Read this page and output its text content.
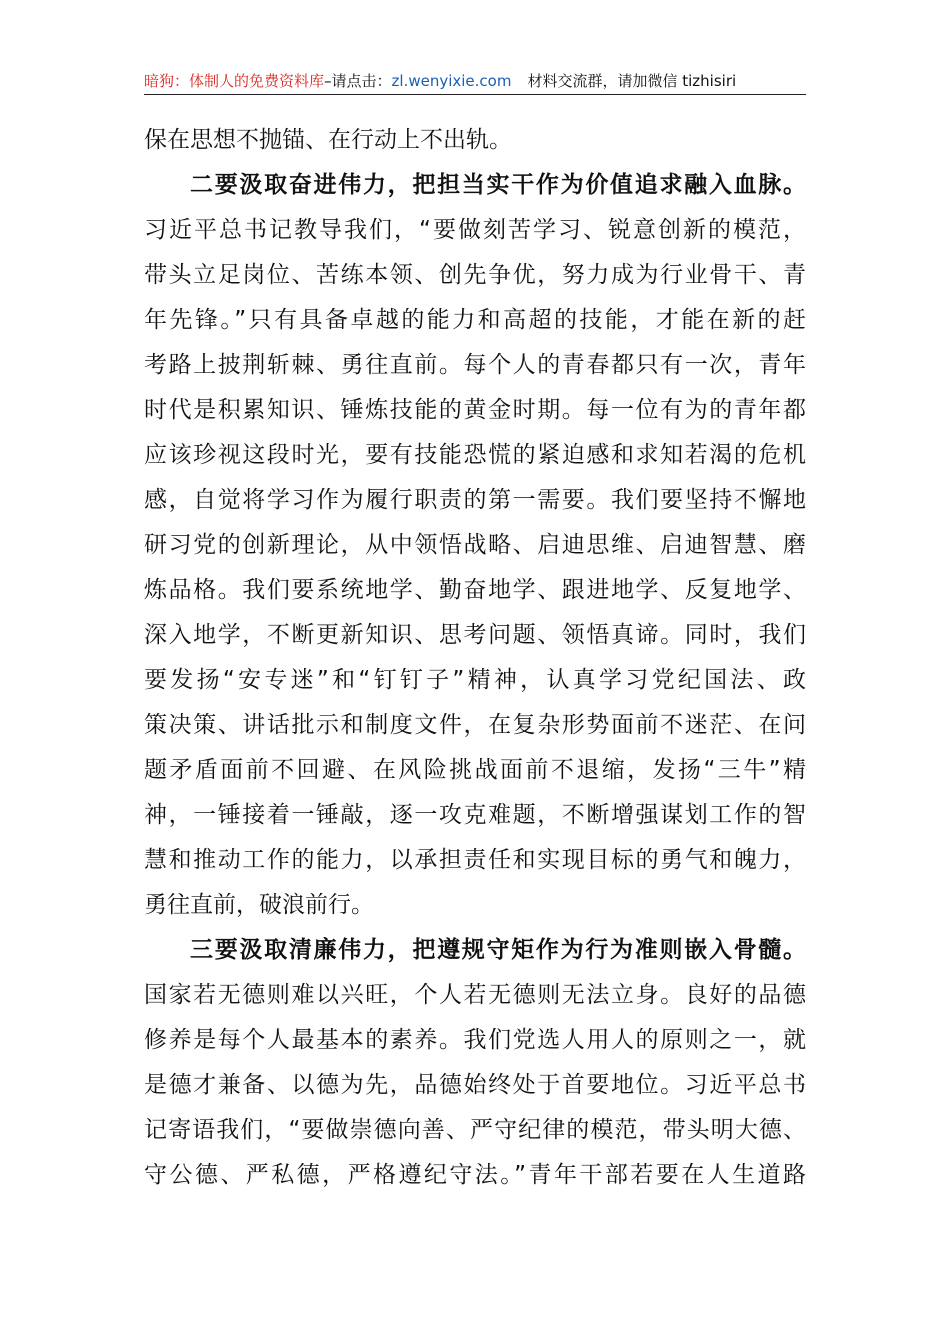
暗狗：体制人的免费资料库–请点击：zl.wenyixie.com 材料交流群，请加微信 tizhisiri
保在思想不抛锚、在行动上不出轨。
二要汲取奋进伟力，把担当实干作为价值追求融入血脉。
习近平总书记教导我们，“要做刻苦学习、锐意创新的模范，
带头立足岗位、苦练本领、创先争优，努力成为行业骨干、青
年先锋。”只有具备卓越的能力和高超的技能，才能在新的赶
考路上披荆斩棘、勇往直前。每个人的青春都只有一次，青年
时代是积累知识、锤炼技能的黄金时期。每一位有为的青年都
应该珍视这段时光，要有技能恐慌的紧迫感和求知若渴的危机
感，自觉将学习作为履行职责的第一需要。我们要坚持不懈地
研习党的创新理论，从中领悟战略、启迪思维、启迪智慧、磨
炼品格。我们要系统地学、勤奋地学、跟进地学、反复地学、
深入地学，不断更新知识、思考问题、领悟真谛。同时，我们
要发扬“安专迷”和“钉钉子”精神，认真学习党纪国法、政
策决策、讲话批示和制度文件，在复杂形势面前不迷茫、在问
题矛盾面前不回避、在风险挑战面前不退缩，发扬“三牛”精
神，一锤接着一锤敲，逐一攻克难题，不断增强谋划工作的智
慧和推动工作的能力，以承担责任和实现目标的勇气和魄力，
勇往直前，破浪前行。
三要汲取清廉伟力，把遵规守矩作为行为准则嵌入骨髓。
国家若无德则难以兴旺，个人若无德则无法立身。良好的品德
修养是每个人最基本的素养。我们党选人用人的原则之一，就
是德才兼备、以德为先，品德始终处于首要地位。习近平总书
记寄语我们，“要做崇德向善、严守纪律的模范，带头明大德、
守公德、严私德，严格遵纪守法。”青年干部若要在人生道路
